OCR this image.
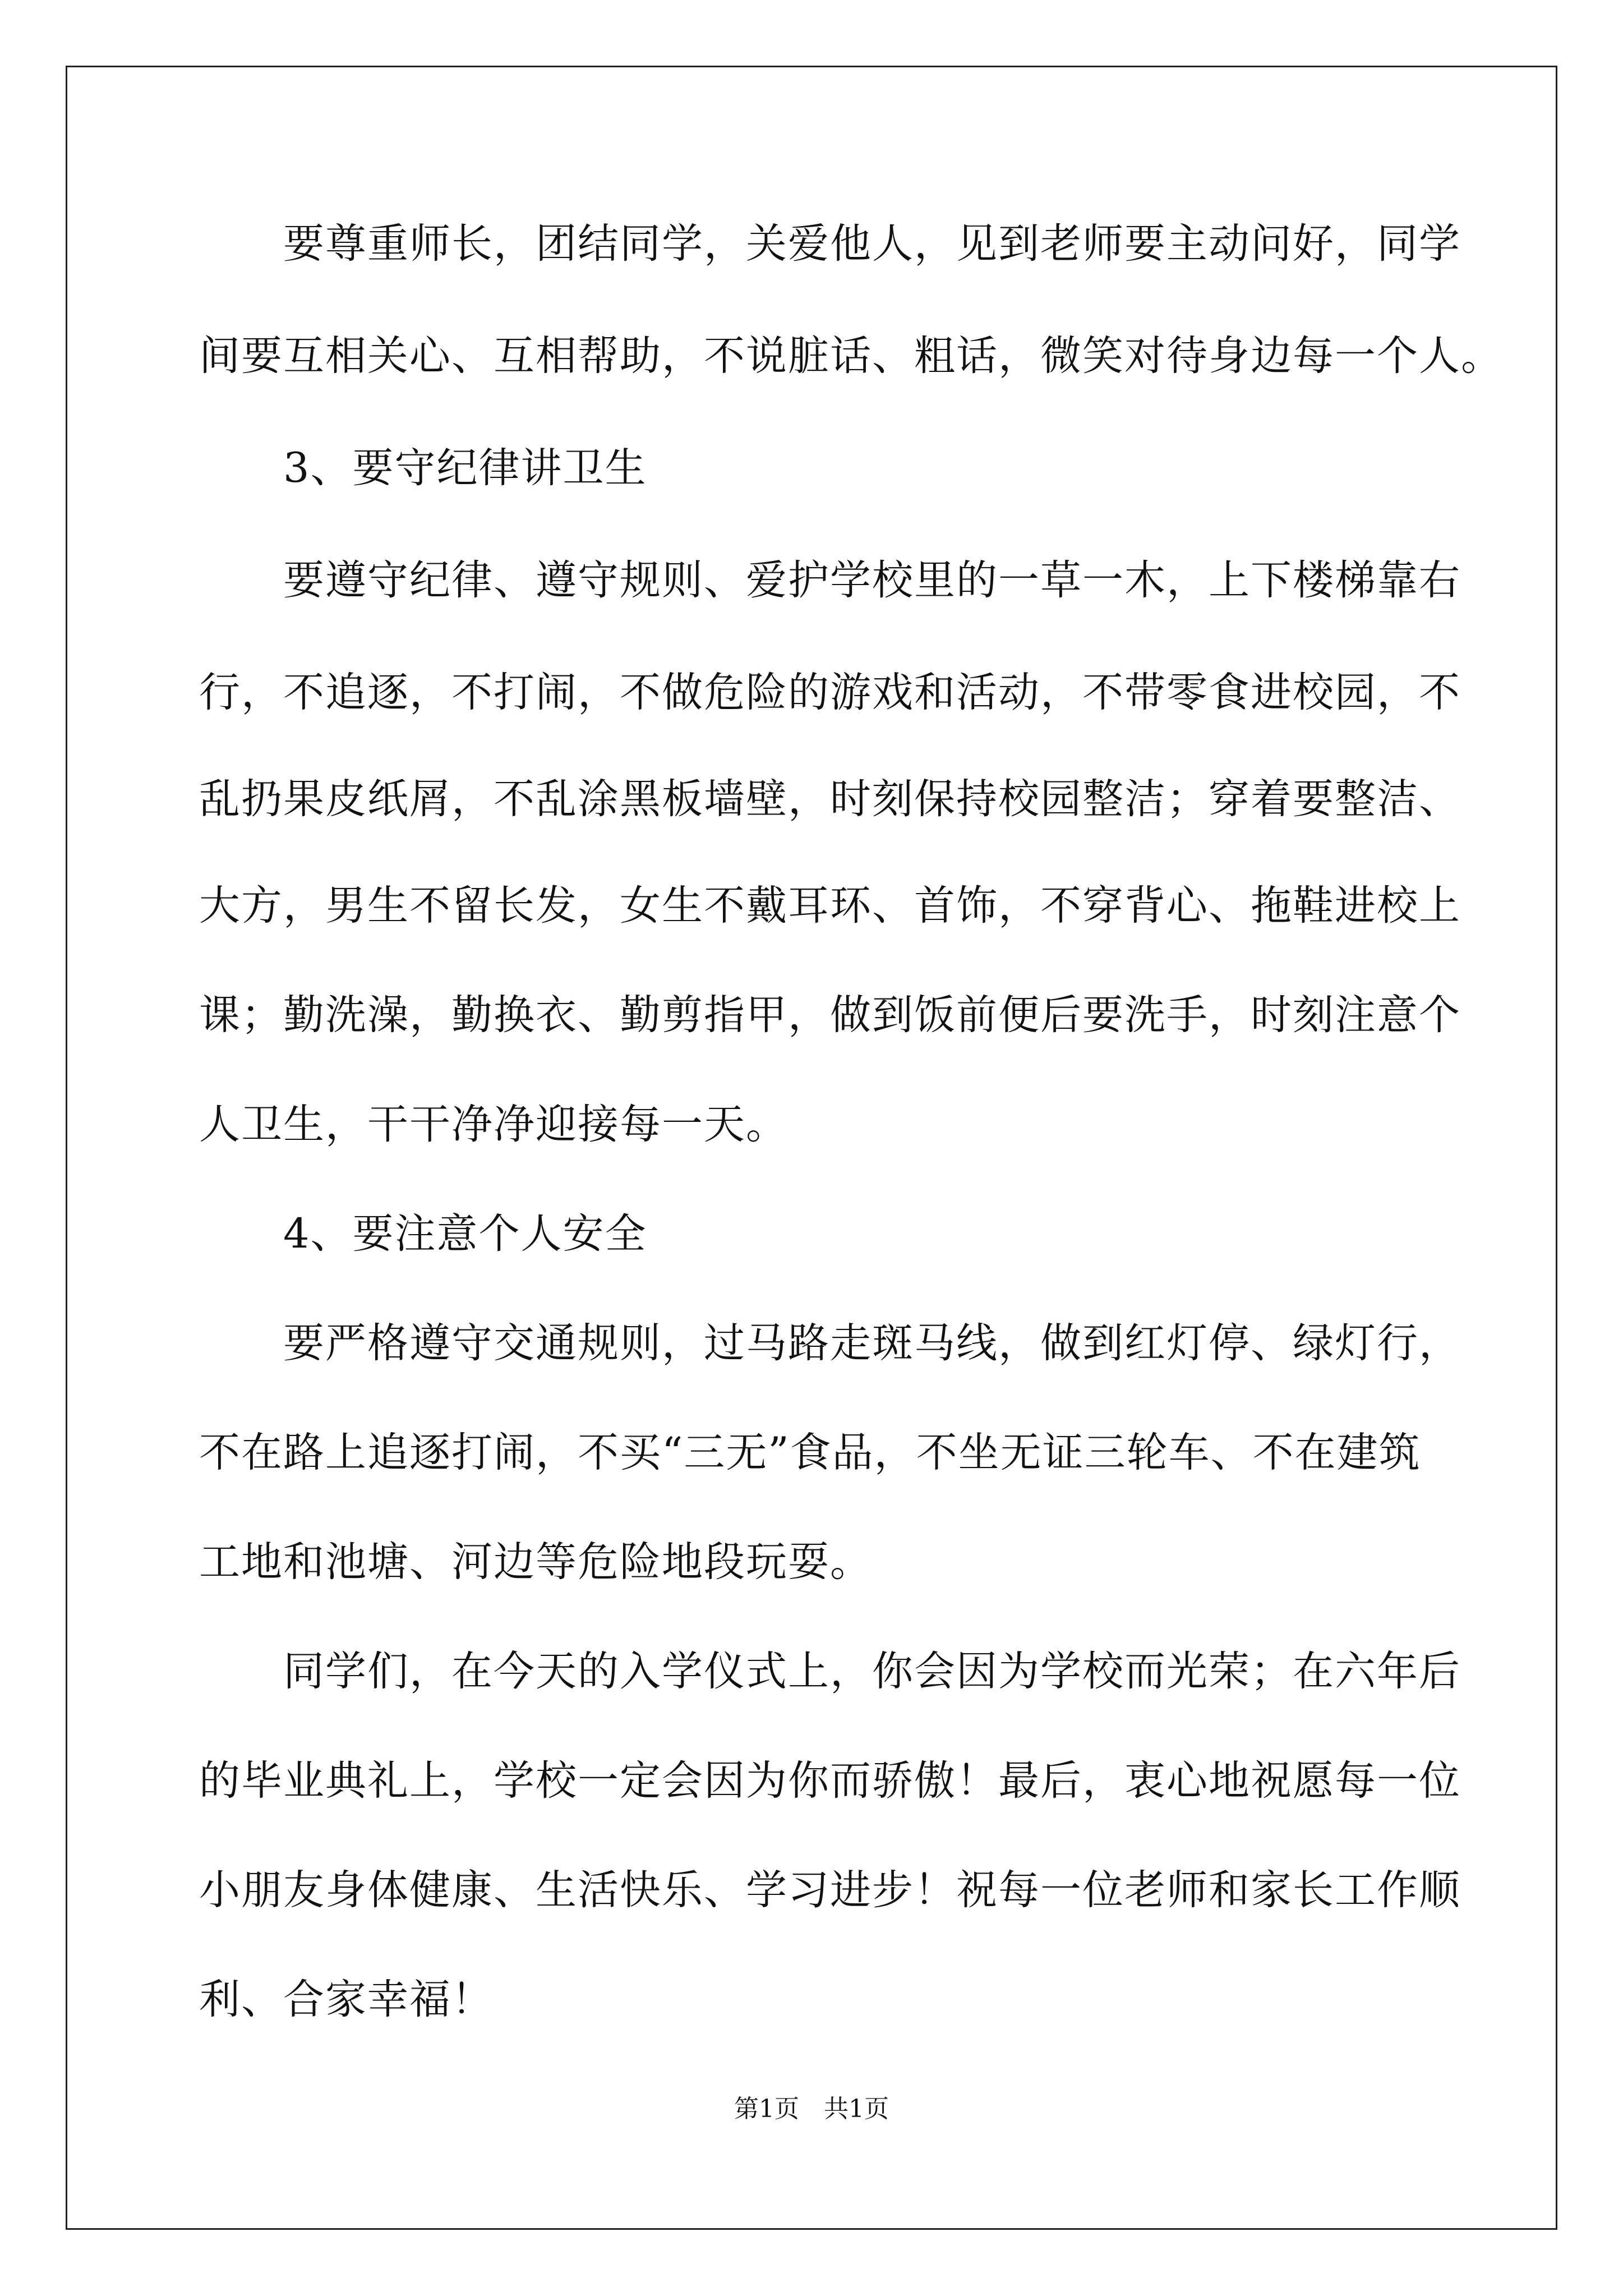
要尊重师长，团结同学，关爱他人，见到老师要主动问好，同学
间要互相关心、互相帮助，不说脏话、粗话，微笑对待身边每一个人。
3、要守纪律讲卫生
要遵守纪律、遵守规则、爱护学校里的一草一木，上下楼梯靠右
行，不追逐，不打闹，不做危险的游戏和活动，不带零食进校园，不
乱扔果皮纸屑，不乱涂黑板墙壁，时刻保持校园整洁；穿着要整洁、
大方，男生不留长发，女生不戴耳环、首饰，不穿背心、拖鞋进校上
课；勤洗澡，勤换衣、勤剪指甲，做到饭前便后要洗手，时刻注意个
人卫生，干干净净迎接每一天。
4、要注意个人安全
要严格遵守交通规则，过马路走斑马线，做到红灯停、绿灯行，
不在路上追逐打闹，不买“三无”食品，不坐无证三轮车、不在建筑
工地和池塘、河边等危险地段玩耍。
同学们，在今天的入学仪式上，你会因为学校而光荣；在六年后
的毕业典礼上，学校一定会因为你而骄傲！最后，衷心地祝愿每一位
小朋友身体健康、生活快乐、学习进步！祝每一位老师和家长工作顺
利、合家幸福！
第1页　共1页
